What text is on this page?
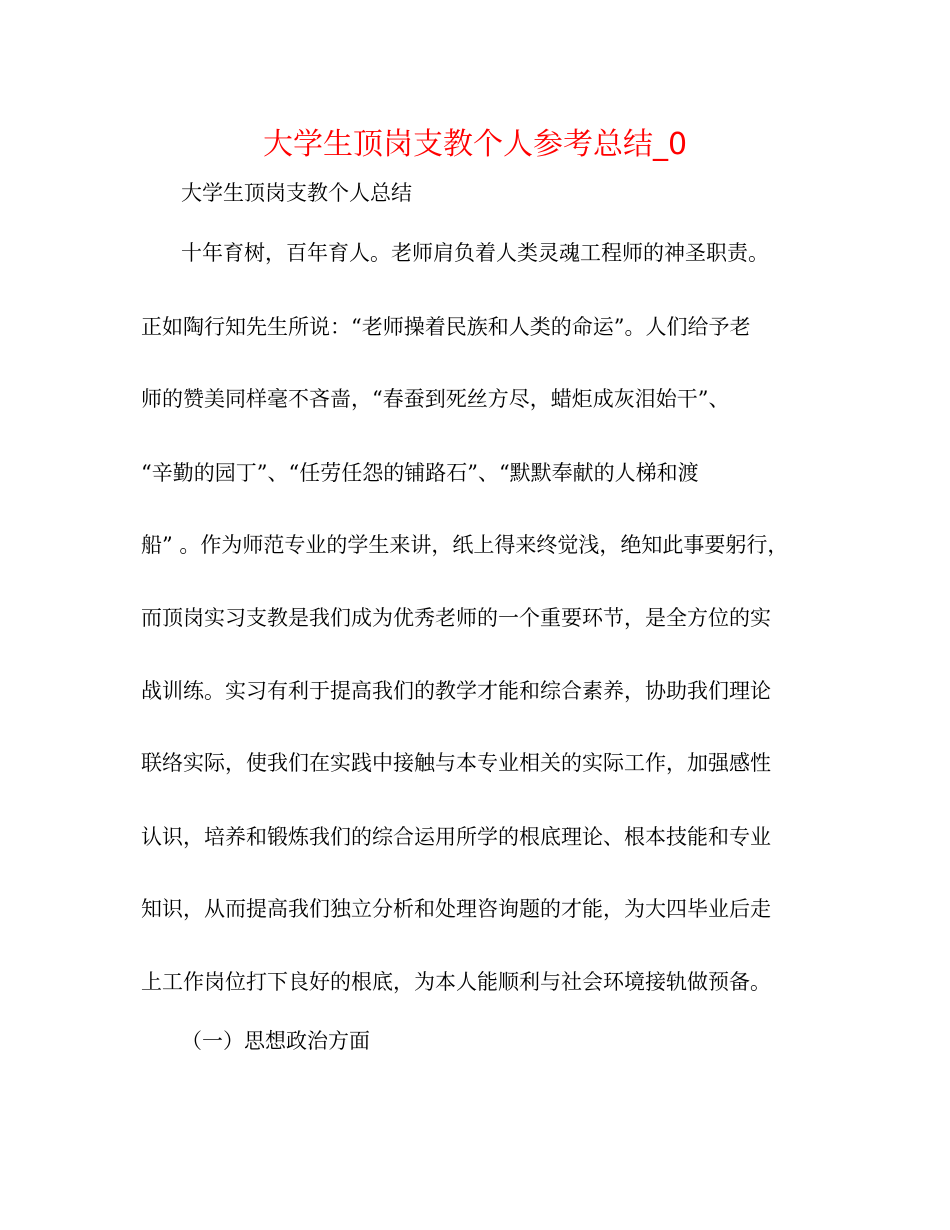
大学生顶岗支教个人参考总结_0
大学生顶岗支教个人总结
十年育树，百年育人。老师肩负着人类灵魂工程师的神圣职责。
正如陶行知先生所说：“老师操着民族和人类的命运”。人们给予老
师的赞美同样毫不吝啬，“春蚕到死丝方尽，蜡炬成灰泪始干”、
“辛勤的园丁”、“任劳任怨的铺路石”、“默默奉献的人梯和渡
船” 。作为师范专业的学生来讲，纸上得来终觉浅，绝知此事要躬行，
而顶岗实习支教是我们成为优秀老师的一个重要环节，是全方位的实
战训练。实习有利于提高我们的教学才能和综合素养，协助我们理论
联络实际，使我们在实践中接触与本专业相关的实际工作，加强感性
认识，培养和锻炼我们的综合运用所学的根底理论、根本技能和专业
知识，从而提高我们独立分析和处理咨询题的才能，为大四毕业后走
上工作岗位打下良好的根底，为本人能顺利与社会环境接轨做预备。
（一）思想政治方面
